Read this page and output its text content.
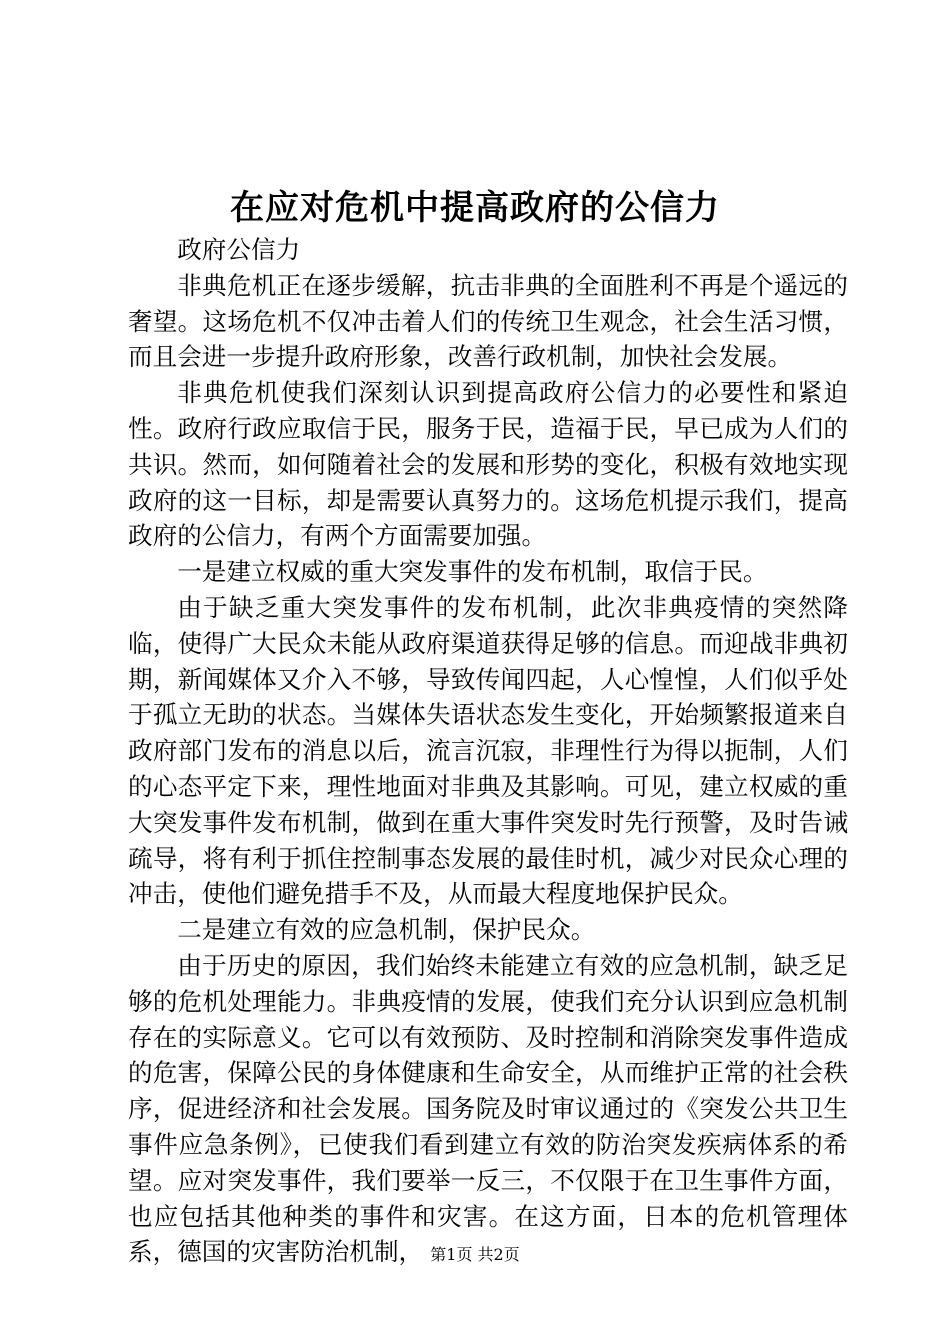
在应对危机中提高政府的公信力

政府公信力

非典危机正在逐步缓解，抗击非典的全面胜利不再是个遥远的奢望。这场危机不仅冲击着人们的传统卫生观念，社会生活习惯，而且会进一步提升政府形象，改善行政机制，加快社会发展。

非典危机使我们深刻认识到提高政府公信力的必要性和紧迫性。政府行政应取信于民，服务于民，造福于民，早已成为人们的共识。然而，如何随着社会的发展和形势的变化，积极有效地实现政府的这一目标，却是需要认真努力的。这场危机提示我们，提高政府的公信力，有两个方面需要加强。

一是建立权威的重大突发事件的发布机制，取信于民。

由于缺乏重大突发事件的发布机制，此次非典疫情的突然降临，使得广大民众未能从政府渠道获得足够的信息。而迎战非典初期，新闻媒体又介入不够，导致传闻四起，人心惶惶，人们似乎处于孤立无助的状态。当媒体失语状态发生变化，开始频繁报道来自政府部门发布的消息以后，流言沉寂，非理性行为得以扼制，人们的心态平定下来，理性地面对非典及其影响。可见，建立权威的重大突发事件发布机制，做到在重大事件突发时先行预警，及时告诫疏导，将有利于抓住控制事态发展的最佳时机，减少对民众心理的冲击，使他们避免措手不及，从而最大程度地保护民众。

二是建立有效的应急机制，保护民众。

由于历史的原因，我们始终未能建立有效的应急机制，缺乏足够的危机处理能力。非典疫情的发展，使我们充分认识到应急机制存在的实际意义。它可以有效预防、及时控制和消除突发事件造成的危害，保障公民的身体健康和生命安全，从而维护正常的社会秩序，促进经济和社会发展。国务院及时审议通过的《突发公共卫生事件应急条例》，已使我们看到建立有效的防治突发疾病体系的希望。应对突发事件，我们要举一反三，不仅限于在卫生事件方面，也应包括其他种类的事件和灾害。在这方面，日本的危机管理体系，德国的灾害防治机制， 第1页 共2页
